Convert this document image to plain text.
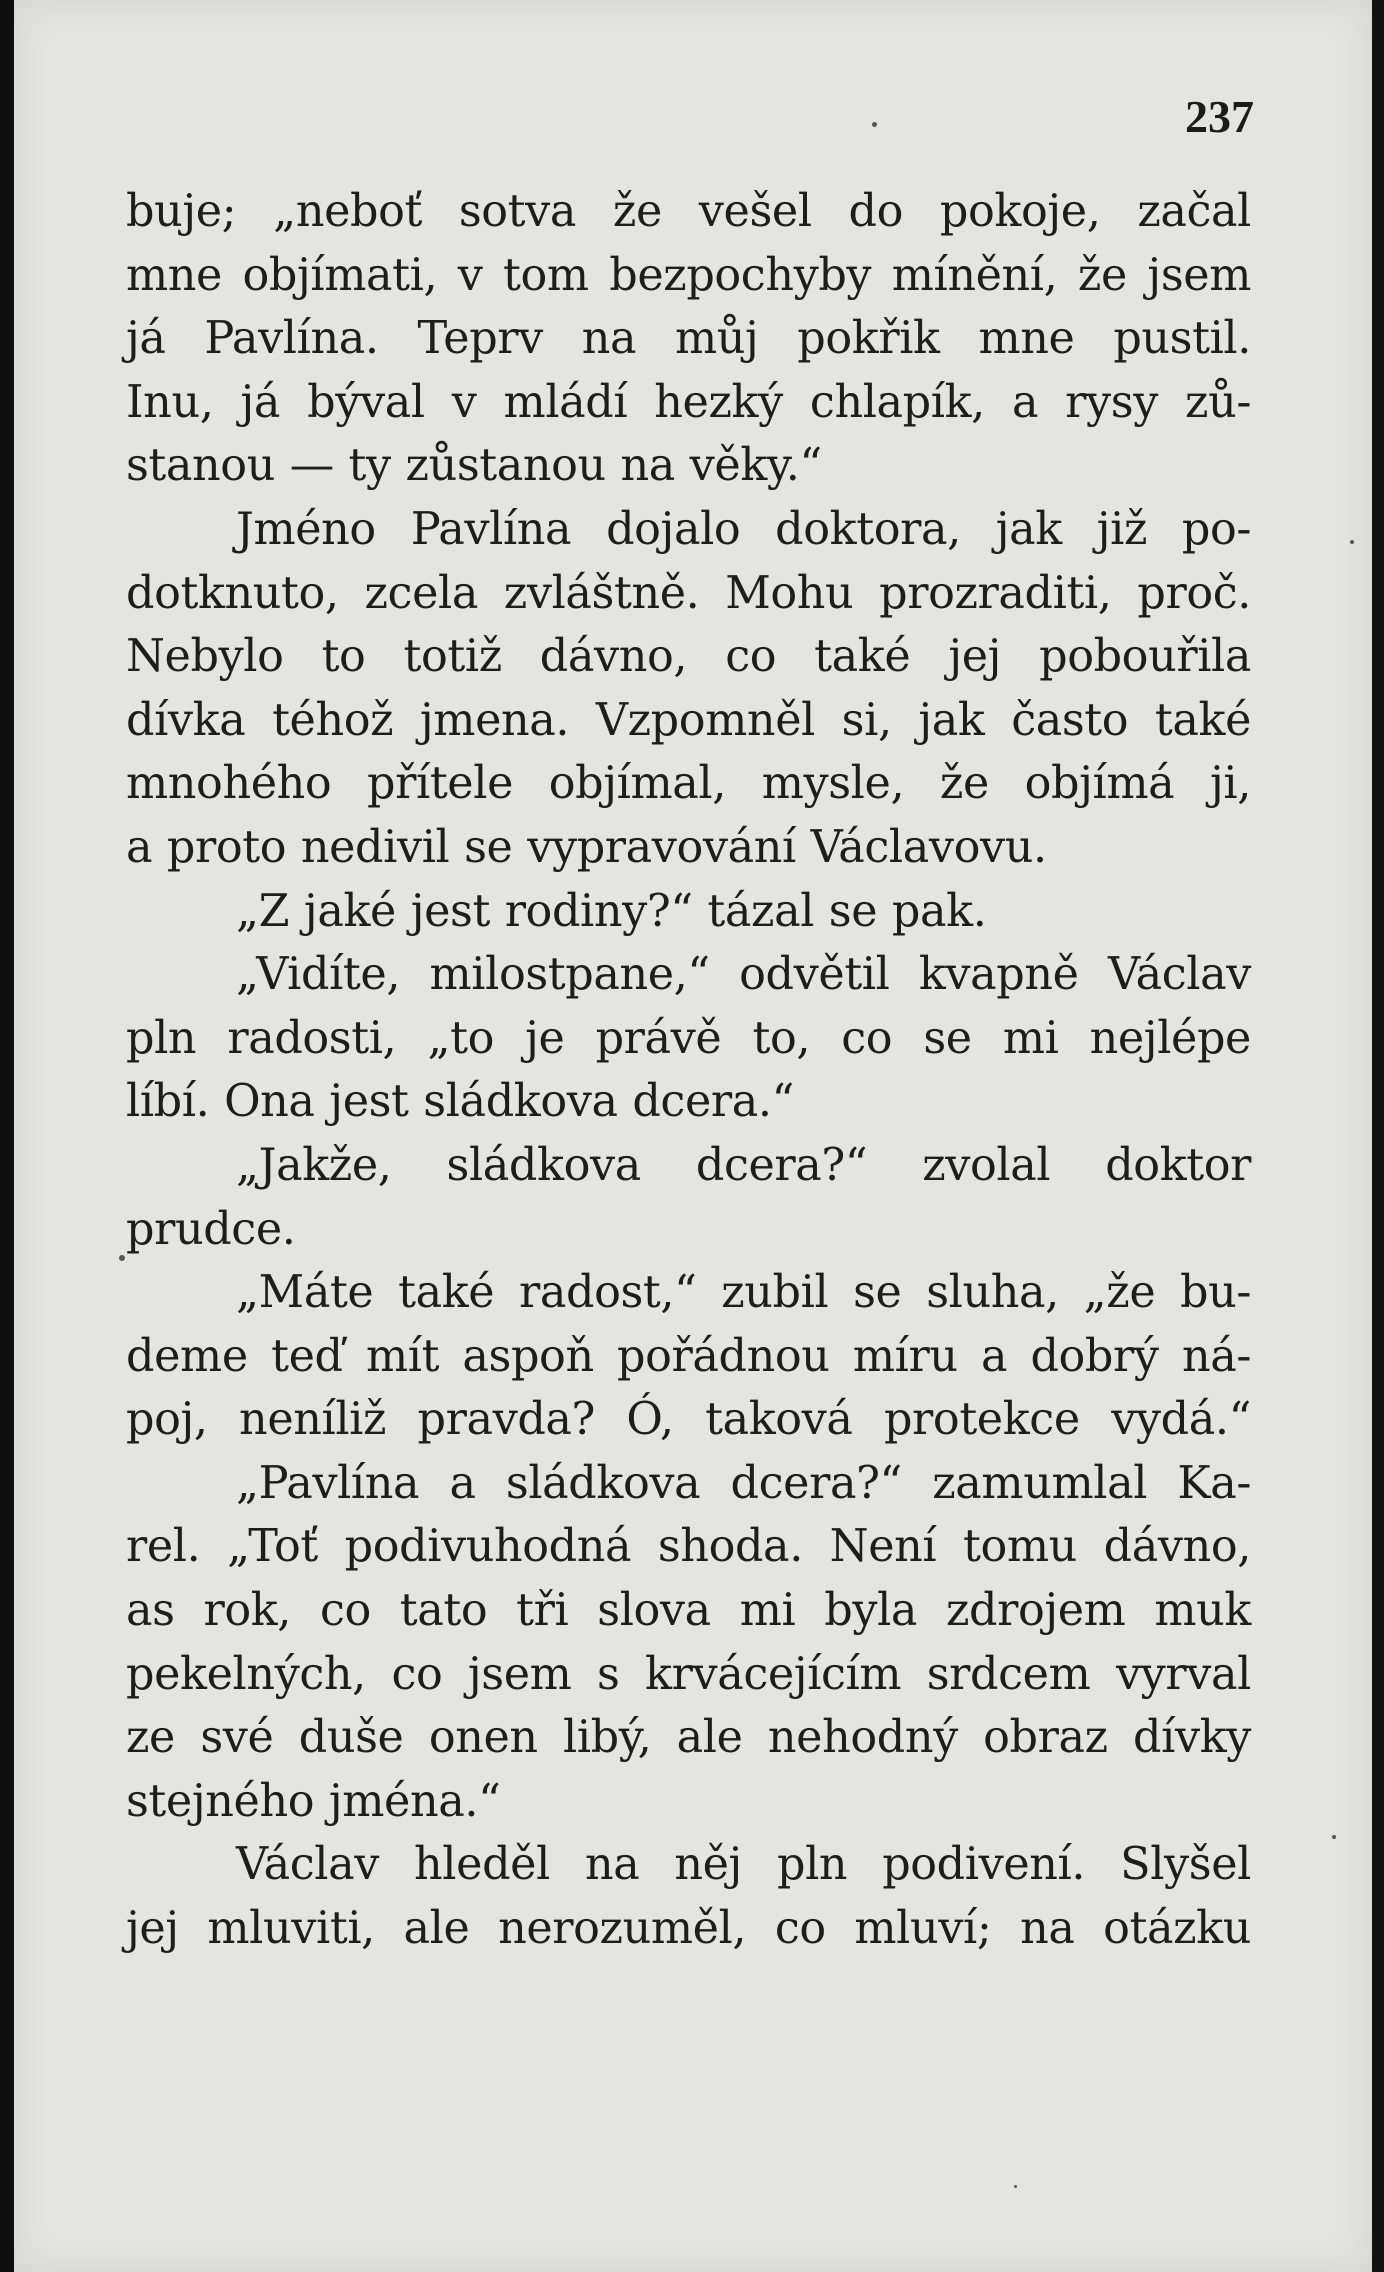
237
buje; „neboť sotva že vešel do pokoje, začal
mne objímati, v tom bezpochyby mínění, že jsem
já Pavlína. Teprv na můj pokřik mne pustil.
Inu, já býval v mládí hezký chlapík, a rysy zů-
stanou — ty zůstanou na věky.“
Jméno Pavlína dojalo doktora, jak již po-
dotknuto, zcela zvláštně. Mohu prozraditi, proč.
Nebylo to totiž dávno, co také jej pobouřila
dívka téhož jmena. Vzpomněl si, jak často také
mnohého přítele objímal, mysle, že objímá ji,
a proto nedivil se vypravování Václavovu.
„Z jaké jest rodiny?“ tázal se pak.
„Vidíte, milostpane,“ odvětil kvapně Václav
pln radosti, „to je právě to, co se mi nejlépe
líbí. Ona jest sládkova dcera.“
„Jakže, sládkova dcera?“ zvolal doktor
prudce.
„Máte také radost,“ zubil se sluha, „že bu-
deme teď mít aspoň pořádnou míru a dobrý ná-
poj, neníliž pravda? Ó, taková protekce vydá.“
„Pavlína a sládkova dcera?“ zamumlal Ka-
rel. „Toť podivuhodná shoda. Není tomu dávno,
as rok, co tato tři slova mi byla zdrojem muk
pekelných, co jsem s krvácejícím srdcem vyrval
ze své duše onen libý, ale nehodný obraz dívky
stejného jména.“
Václav hleděl na něj pln podivení. Slyšel
jej mluviti, ale nerozuměl, co mluví; na otázku
